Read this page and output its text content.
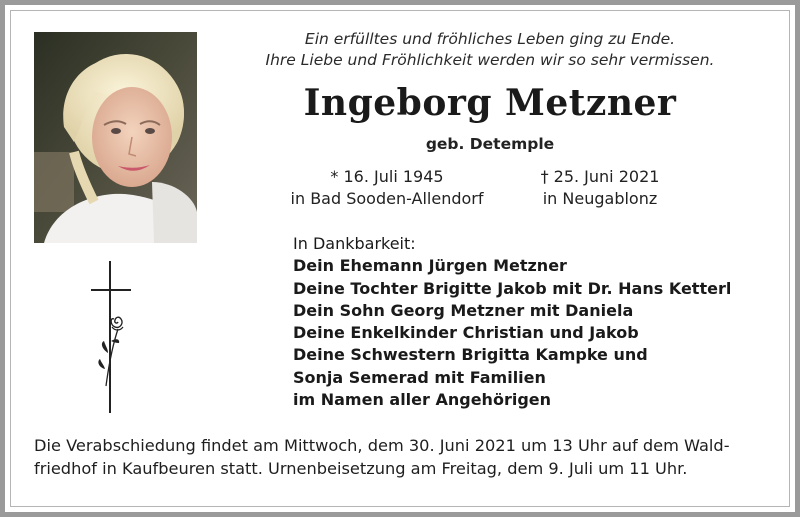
Ein erfülltes und fröhliches Leben ging zu Ende.
Ihre Liebe und Fröhlichkeit werden wir so sehr vermissen.
Ingeborg Metzner
geb. Detemple
* 16. Juli 1945
in Bad Sooden-Allendorf
† 25. Juni 2021
in Neugablonz
In Dankbarkeit:
Dein Ehemann Jürgen Metzner
Deine Tochter Brigitte Jakob mit Dr. Hans Ketterl
Dein Sohn Georg Metzner mit Daniela
Deine Enkelkinder Christian und Jakob
Deine Schwestern Brigitta Kampke und
Sonja Semerad mit Familien
im Namen aller Angehörigen
Die Verabschiedung findet am Mittwoch, dem 30. Juni 2021 um 13 Uhr auf dem Wald-
friedhof in Kaufbeuren statt. Urnenbeisetzung am Freitag, dem 9. Juli um 11 Uhr.
